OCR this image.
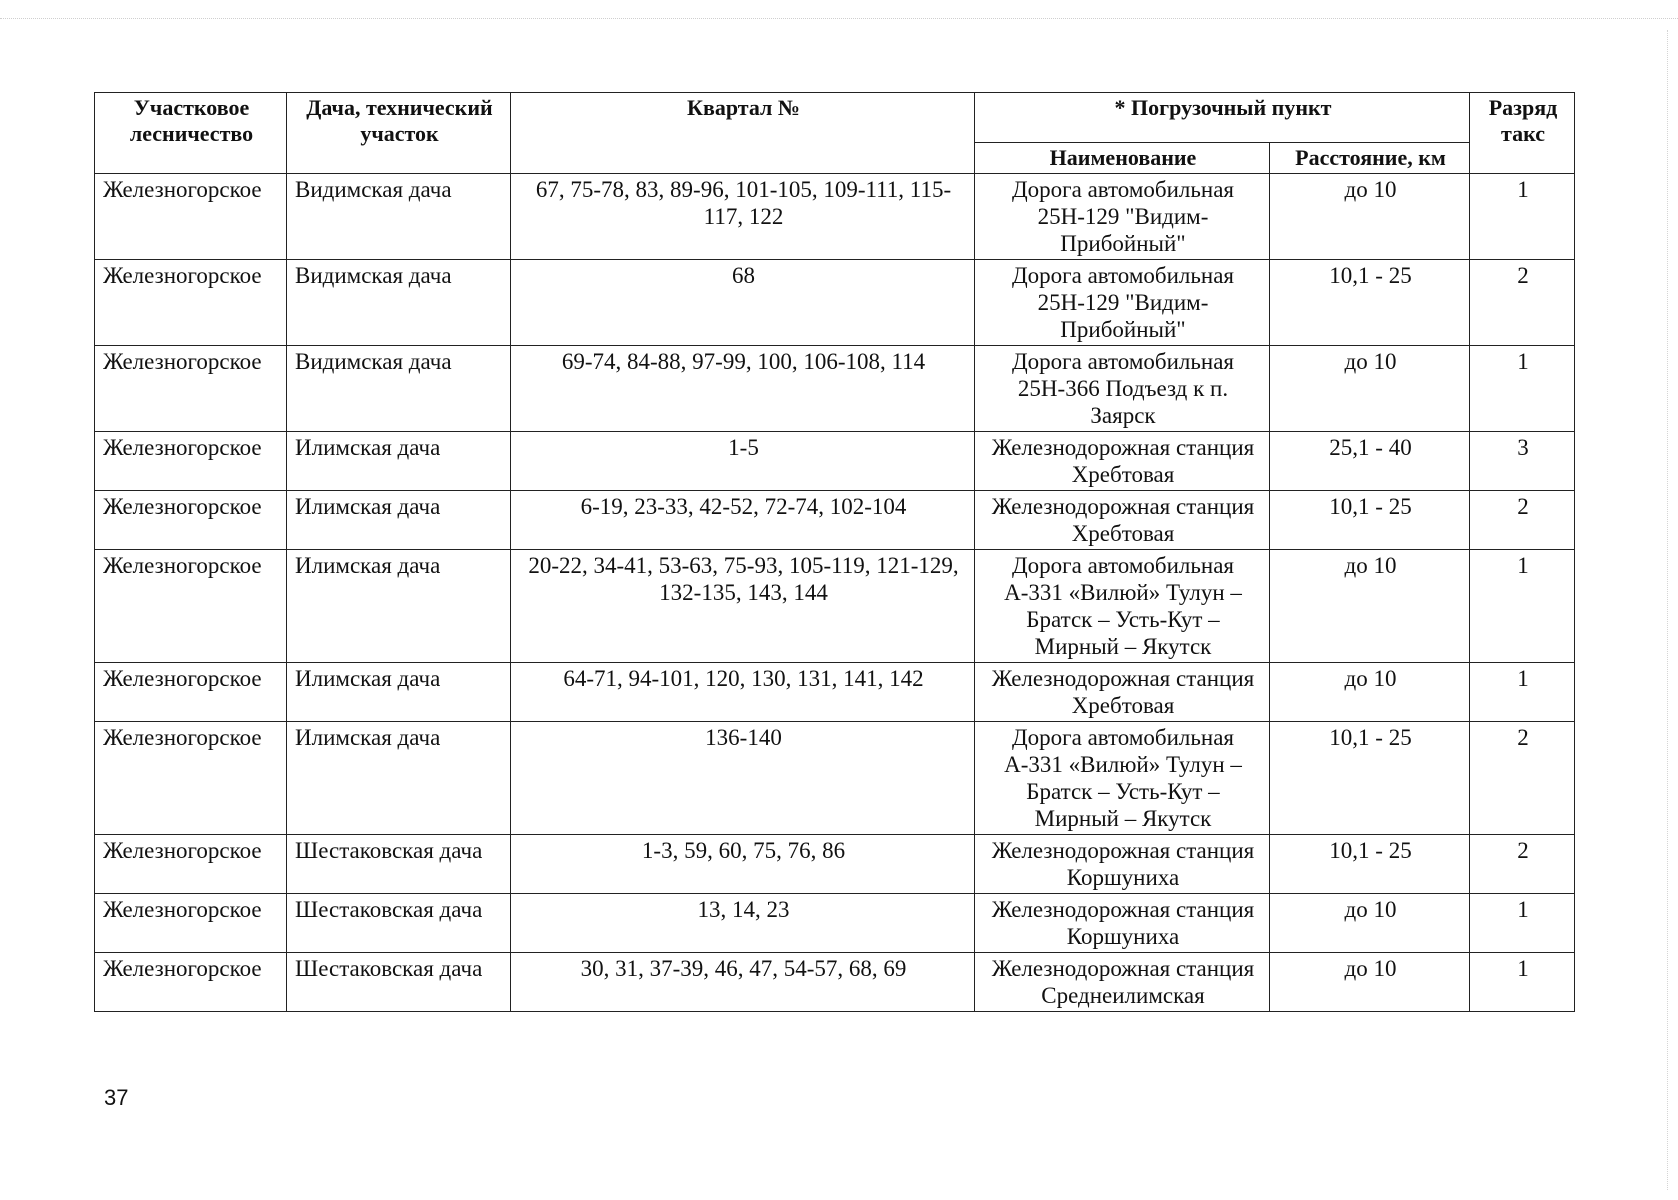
Участковое лесничество	Дача, технический участок	Квартал №	* Погрузочный пункт		Разряд такс
			Наименование	Расстояние, км	
Железногорское	Видимская дача	67, 75-78, 83, 89-96, 101-105, 109-111, 115-117, 122	Дорога автомобильная 25Н-129 "Видим-Прибойный"	до 10	1
Железногорское	Видимская дача	68	Дорога автомобильная 25Н-129 "Видим-Прибойный"	10,1 - 25	2
Железногорское	Видимская дача	69-74, 84-88, 97-99, 100, 106-108, 114	Дорога автомобильная 25Н-366 Подъезд к п. Заярск	до 10	1
Железногорское	Илимская дача	1-5	Железнодорожная станция Хребтовая	25,1 - 40	3
Железногорское	Илимская дача	6-19, 23-33, 42-52, 72-74, 102-104	Железнодорожная станция Хребтовая	10,1 - 25	2
Железногорское	Илимская дача	20-22, 34-41, 53-63, 75-93, 105-119, 121-129, 132-135, 143, 144	Дорога автомобильная А-331 «Вилюй» Тулун – Братск – Усть-Кут – Мирный – Якутск	до 10	1
Железногорское	Илимская дача	64-71, 94-101, 120, 130, 131, 141, 142	Железнодорожная станция Хребтовая	до 10	1
Железногорское	Илимская дача	136-140	Дорога автомобильная А-331 «Вилюй» Тулун – Братск – Усть-Кут – Мирный – Якутск	10,1 - 25	2
Железногорское	Шестаковская дача	1-3, 59, 60, 75, 76, 86	Железнодорожная станция Коршуниха	10,1 - 25	2
Железногорское	Шестаковская дача	13, 14, 23	Железнодорожная станция Коршуниха	до 10	1
Железногорское	Шестаковская дача	30, 31, 37-39, 46, 47, 54-57, 68, 69	Железнодорожная станция Среднеилимская	до 10	1
37
